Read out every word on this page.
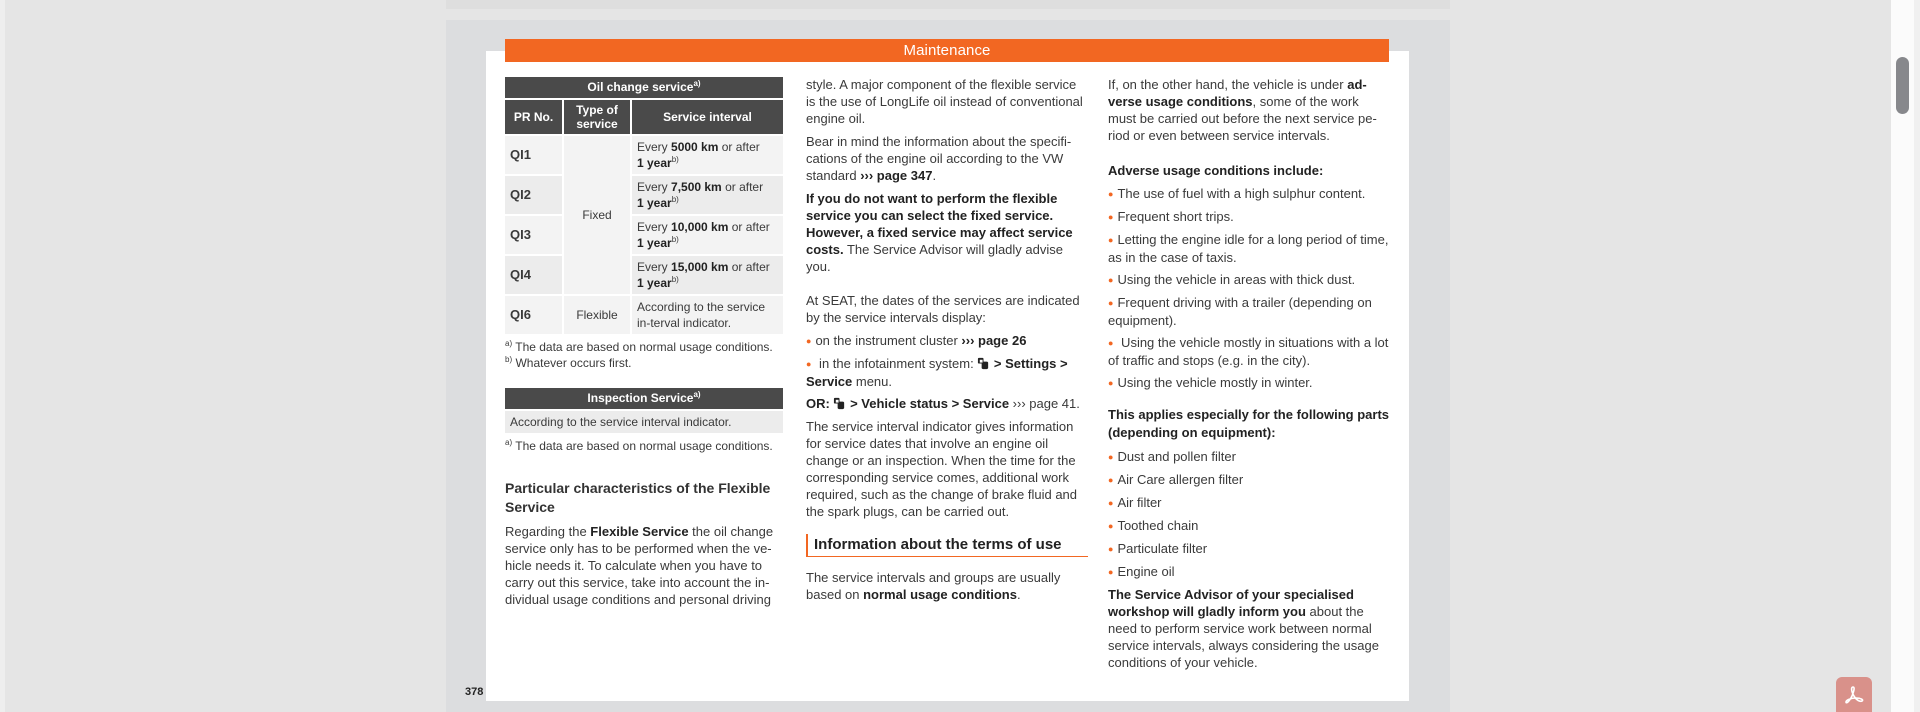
Maintenance
378
Oil change service$^{a)}$
PR No.	Type of service	Service interval
QI1	Fixed	Every 5000 km or after
1 year$^{b)}$
QI2		Every 7,500 km or after
1 year$^{b)}$
QI3		Every 10,000 km or after
1 year$^{b)}$
QI4		Every 15,000 km or after
1 year$^{b)}$
QI6	Flexible	According to the service in-terval indicator.
$^{a)}$ The data are based on normal usage conditions.
$^{b)}$ Whatever occurs first.
Inspection Service$^{a)}$
According to the service interval indicator.
$^{a)}$ The data are based on normal usage conditions.
Particular characteristics of the Flexible Service

Regarding the Flexible Service the oil change service only has to be performed when the ve-hicle needs it. To calculate when you have to carry out this service, take into account the in-dividual usage conditions and personal driving

style. A major component of the flexible service is the use of LongLife oil instead of conventional engine oil.

Bear in mind the information about the specifi-cations of the engine oil according to the VW standard ››› page 347.

If you do not want to perform the flexible service you can select the fixed service. However, a fixed service may affect service costs. The Service Advisor will gladly advise you.

At SEAT, the dates of the services are indicated by the service intervals display:

● on the instrument cluster ››› page 26
● in the infotainment system:  > Settings > Service menu.

OR:  > Vehicle status > Service ››› page 41.

The service interval indicator gives information for service dates that involve an engine oil change or an inspection. When the time for the corresponding service comes, additional work required, such as the change of brake fluid and the spark plugs, can be carried out.

Information about the terms of use

The service intervals and groups are usually based on normal usage conditions.

If, on the other hand, the vehicle is under ad-verse usage conditions, some of the work must be carried out before the next service pe-riod or even between service intervals.

Adverse usage conditions include:
● The use of fuel with a high sulphur content.
● Frequent short trips.
● Letting the engine idle for a long period of time, as in the case of taxis.
● Using the vehicle in areas with thick dust.
● Frequent driving with a trailer (depending on equipment).
● Using the vehicle mostly in situations with a lot of traffic and stops (e.g. in the city).
● Using the vehicle mostly in winter.
This applies especially for the following parts (depending on equipment):
● Dust and pollen filter
● Air Care allergen filter
● Air filter
● Toothed chain
● Particulate filter
● Engine oil

The Service Advisor of your specialised workshop will gladly inform you about the need to perform service work between normal service intervals, always considering the usage conditions of your vehicle.
